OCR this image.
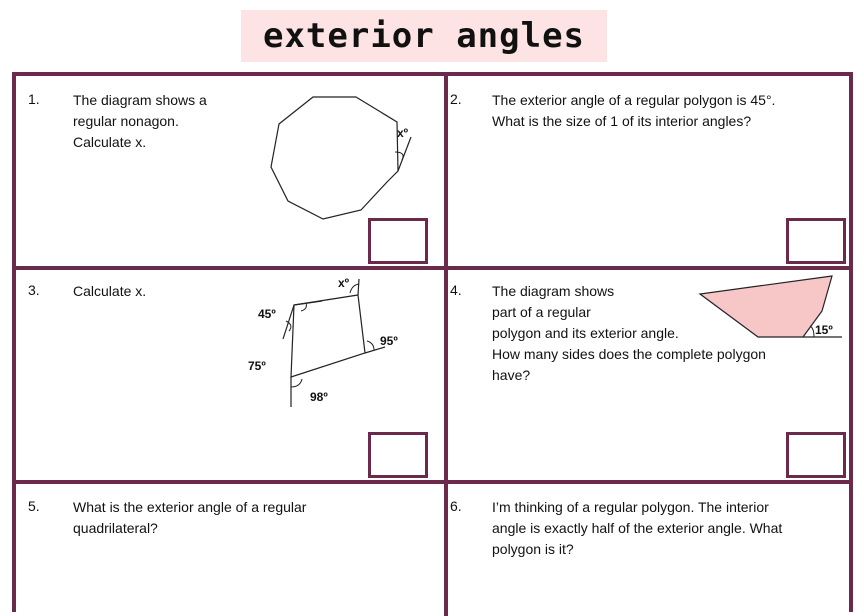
exterior angles
1. The diagram shows a
regular nonagon.
Calculate x.
xº
2. The exterior angle of a regular polygon is 45°.
What is the size of 1 of its interior angles?
3. Calculate x.	xº
45º
95º
75º
98º
4. The diagram shows
part of a regular
polygon and its exterior angle.
How many sides does the complete polygon
have?
15º
5. What is the exterior angle of a regular
quadrilateral?
6. I’m thinking of a regular polygon. The interior
angle is exactly half of the exterior angle. What
polygon is it?
